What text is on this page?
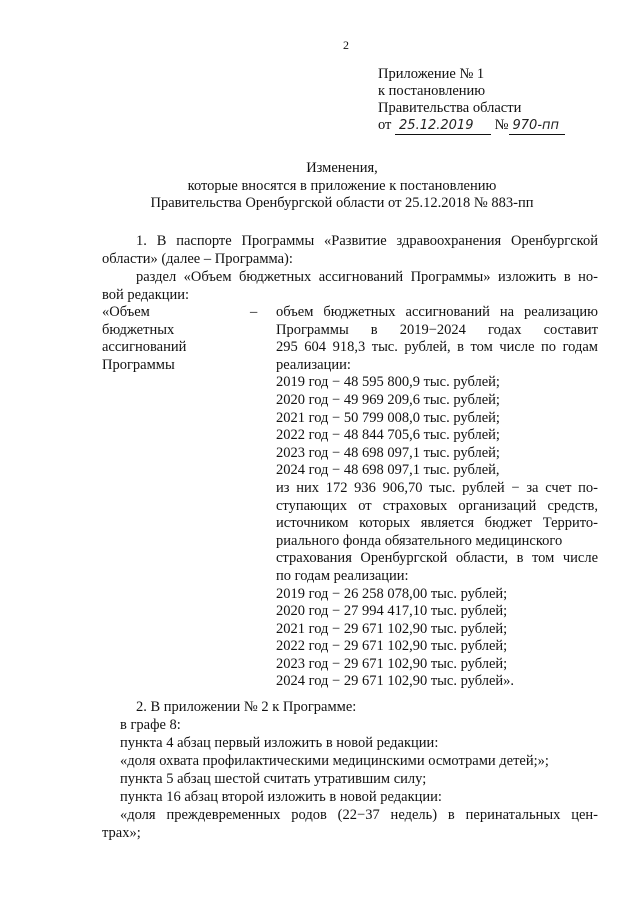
2
Приложение № 1
к постановлению
Правительства области
от 25.12.2019 № 970-пп
Изменения,
которые вносятся в приложение к постановлению
Правительства Оренбургской области от 25.12.2018 № 883-пп
1. В паспорте Программы «Развитие здравоохранения Оренбургской
области» (далее – Программа):
раздел «Объем бюджетных ассигнований Программы» изложить в но-
вой редакции:
«Объем
бюджетных
ассигнований
Программы
– объем бюджетных ассигнований на реализацию
Программы в 2019−2024 годах составит
295 604 918,3 тыс. рублей, в том числе по годам
реализации:
2019 год − 48 595 800,9 тыс. рублей;
2020 год − 49 969 209,6 тыс. рублей;
2021 год − 50 799 008,0 тыс. рублей;
2022 год − 48 844 705,6 тыс. рублей;
2023 год − 48 698 097,1 тыс. рублей;
2024 год − 48 698 097,1 тыс. рублей,
из них 172 936 906,70 тыс. рублей − за счет по-
ступающих от страховых организаций средств,
источником которых является бюджет Террито-
риального фонда обязательного медицинского
страхования Оренбургской области, в том числе
по годам реализации:
2019 год − 26 258 078,00 тыс. рублей;
2020 год − 27 994 417,10 тыс. рублей;
2021 год − 29 671 102,90 тыс. рублей;
2022 год − 29 671 102,90 тыс. рублей;
2023 год − 29 671 102,90 тыс. рублей;
2024 год − 29 671 102,90 тыс. рублей».
2. В приложении № 2 к Программе:
в графе 8:
пункта 4 абзац первый изложить в новой редакции:
«доля охвата профилактическими медицинскими осмотрами детей;»;
пункта 5 абзац шестой считать утратившим силу;
пункта 16 абзац второй изложить в новой редакции:
«доля преждевременных родов (22−37 недель) в перинатальных цен-
трах»;
